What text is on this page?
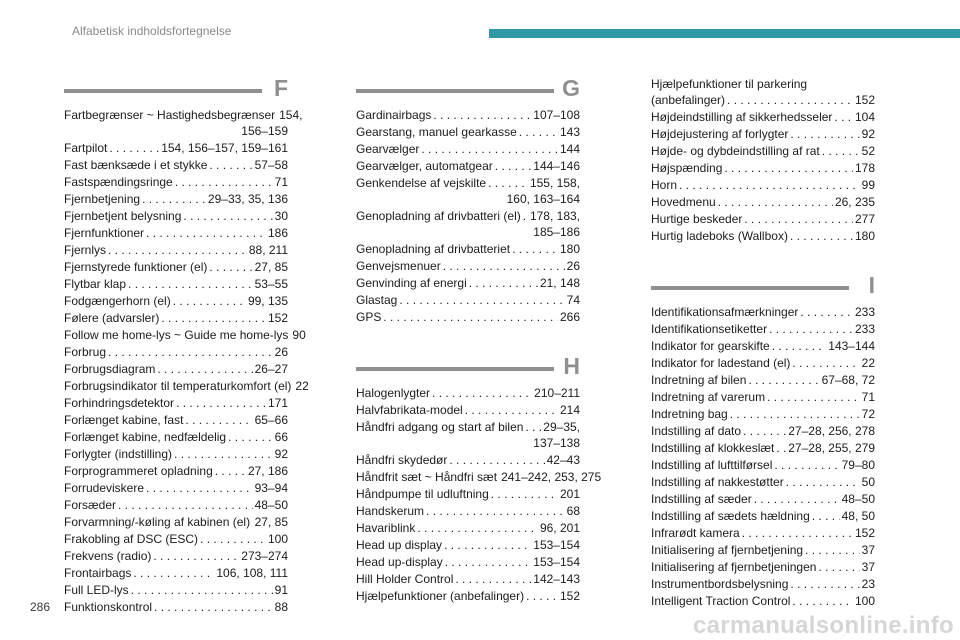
Alfabetisk indholdsfortegnelse
F
Fartbegrænser ~ Hastighedsbegrænser 154,
156–159
Fartpilot . . .	154, 156–157, 159–161
Fast bænksæde i et stykke . . .	57–58
Fastspændingsringe . . .	71
Fjernbetjening . . .	29–33, 35, 136
Fjernbetjent belysning . . .	30
Fjernfunktioner . . .	186
Fjernlys . . .	88, 211
Fjernstyrede funktioner (el) . . .	27, 85
Flytbar klap . . .	53–55
Fodgængerhorn (el) . . .	99, 135
Følere (advarsler) . . .	152
Follow me home-lys ~ Guide me home-lys 90
Forbrug . . .	26
Forbrugsdiagram . . .	26–27
Forbrugsindikator til temperaturkomfort (el) 22
Forhindringsdetektor . . .	171
Forlænget kabine, fast . . .	65–66
Forlænget kabine, nedfældelig . . .	66
Forlygter (indstilling) . . .	92
Forprogrammeret opladning . . .	27, 186
Forrudeviskere . . .	93–94
Forsæder . . .	48–50
Forvarmning/-køling af kabinen (el) . . . 27, 85
Frakobling af DSC (ESC) . . .	100
Frekvens (radio) . . .	273–274
Frontairbags . . .	106, 108, 111
Full LED-lys . . .	91
Funktionskontrol . . .	88
G
Gardinairbags . . .	107–108
Gearstang, manuel gearkasse . . .	143
Gearvælger . . .	144
Gearvælger, automatgear . . .	144–146
Genkendelse af vejskilte . . .	155, 158,
160, 163–164
Genopladning af drivbatteri (el) . . . 178, 183,
185–186
Genopladning af drivbatteriet . . .	180
Genvejsmenuer . . .	26
Genvinding af energi . . .	21, 148
Glastag . . .	74
GPS . . .	266
H
Halogenlygter . . .	210–211
Halvfabrikata-model . . .	214
Håndfri adgang og start af bilen . . . 29–35,
137–138
Håndfri skydedør . . .	42–43
Håndfrit sæt ~ Håndfri sæt 241–242, 253, 275
Håndpumpe til udluftning . . .	201
Handskerum . . .	68
Havariblink . . .	96, 201
Head up display . . .	153–154
Head up-display . . .	153–154
Hill Holder Control . . .	142–143
Hjælpefunktioner (anbefalinger) . . .	152
Hjælpefunktioner til parkering
(anbefalinger) . . .	152
Højdeindstilling af sikkerhedsseler . . . 104
Højdejustering af forlygter . . .	92
Højde- og dybdeindstilling af rat . . .	52
Højspænding . . .	178
Horn . . .	99
Hovedmenu . . .	26, 235
Hurtige beskeder . . .	277
Hurtig ladeboks (Wallbox) . . .	180
I
Identifikationsafmærkninger . . .	233
Identifikationsetiketter . . .	233
Indikator for gearskifte . . .	143–144
Indikator for ladestand (el) . . .	22
Indretning af bilen . . .	67–68, 72
Indretning af varerum . . .	71
Indretning bag . . .	72
Indstilling af dato . . .	27–28, 256, 278
Indstilling af klokkeslæt . . . 27–28, 255, 279
Indstilling af lufttilførsel . . .	79–80
Indstilling af nakkestøtter . . .	50
Indstilling af sæder . . .	48–50
Indstilling af sædets hældning . . .	48, 50
Infrarødt kamera . . .	152
Initialisering af fjernbetjening . . .	37
Initialisering af fjernbetjeningen . . .	37
Instrumentbordsbelysning . . .	23
Intelligent Traction Control . . .	100
286
carmanualsonline.info
